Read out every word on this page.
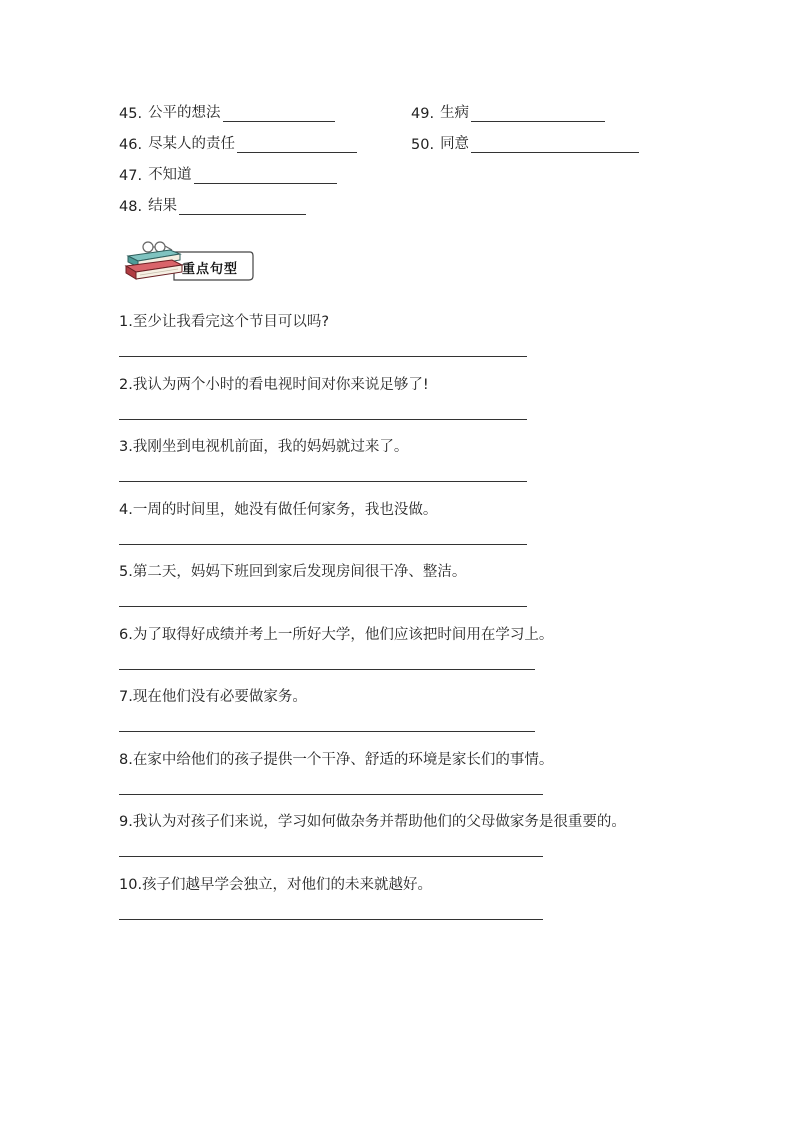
45. 公平的想法	49. 生病
46. 尽某人的责任	50. 同意
47. 不知道
48. 结果
重点句型
1.至少让我看完这个节目可以吗?
2.我认为两个小时的看电视时间对你来说足够了!
3.我刚坐到电视机前面，我的妈妈就过来了。
4.一周的时间里，她没有做任何家务，我也没做。
5.第二天，妈妈下班回到家后发现房间很干净、整洁。
6.为了取得好成绩并考上一所好大学，他们应该把时间用在学习上。
7.现在他们没有必要做家务。
8.在家中给他们的孩子提供一个干净、舒适的环境是家长们的事情。
9.我认为对孩子们来说，学习如何做杂务并帮助他们的父母做家务是很重要的。
10.孩子们越早学会独立，对他们的未来就越好。
